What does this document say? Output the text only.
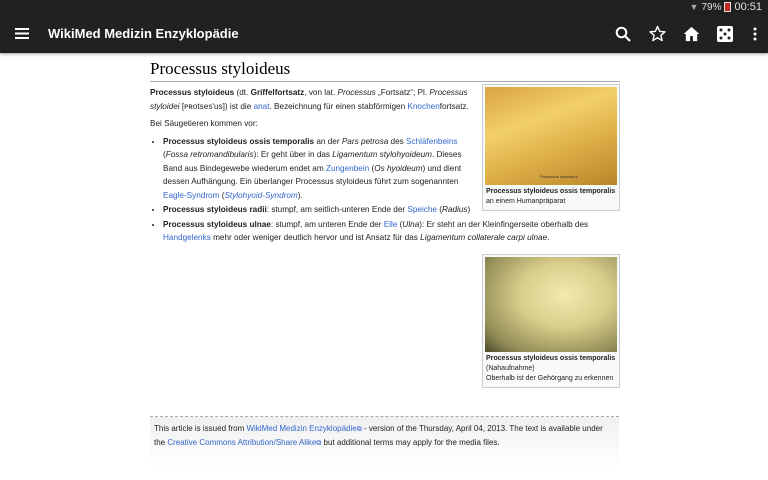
▼ 79% 00:51
WikiMed Medizin Enzyklopädie
Processus styloideus
Processus styloideus
Processus styloideus ossis temporalis
an einem Humanpräparat

Processus styloideus (dt. Griffelfortsatz, von lat. Processus „Fortsatz“; Pl. Processus styloidei [ᴘʀotses'us]) ist die anat. Bezeichnung für einen stabförmigen Knochenfortsatz.

Bei Säugetieren kommen vor:

• Processus styloideus ossis temporalis an der Pars petrosa des Schläfenbeins (Fossa retromandibularis): Er geht über in das Ligamentum stylohyoideum. Dieses Band aus Bindegewebe wiederum endet am Zungenbein (Os hyoideum) und dient dessen Aufhängung. Ein überlanger Processus styloideus führt zum sogenannten Eagle-Syndrom (Stylohyoid-Syndrom).
• Processus styloideus radii: stumpf, am seitlich-unteren Ende der Speiche (Radius)
• Processus styloideus ulnae: stumpf, am unteren Ende der Elle (Ulna): Er steht an der Kleinfingerseite oberhalb des Handgelenks mehr oder weniger deutlich hervor und ist Ansatz für das Ligamentum collaterale carpi ulnae.
Processus styloideus ossis temporalis
(Nahaufnahme)
Oberhalb ist der Gehörgang zu erkennen
This article is issued from WikiMed Medizin Enzyklopädie⧉ - version of the Thursday, April 04, 2013. The text is available under the Creative Commons Attribution/Share Alike⧉ but additional terms may apply for the media files.
